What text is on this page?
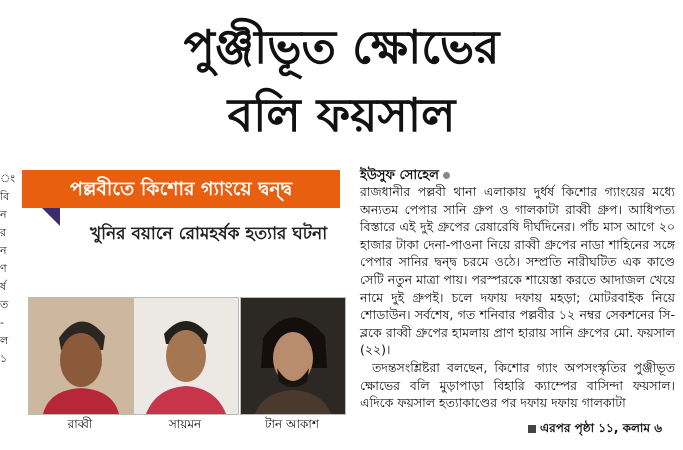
পুঞ্জীভূত ক্ষোভের
বলি ফয়সাল
ং বি ন র ন ণ র্ষ ত - ল ১
পল্লবীতে কিশোর গ্যাংয়ে দ্বন্দ্ব
খুনির বয়ানে রোমহর্ষক হত্যার ঘটনা
রাব্বী	সায়মন	টান আকাশ
ইউসুফ সোহেল

রাজধানীর পল্লবী থানা এলাকায় দুর্ধর্ষ কিশোর গ্যাংয়ের মধ্যে অন্যতম পেপার সানি গ্রুপ ও গালকাটা রাব্বী গ্রুপ। আধিপত্য বিস্তারে এই দুই গ্রুপের রেষারেষি দীর্ঘদিনের। পাঁচ মাস আগে ২০ হাজার টাকা দেনা-পাওনা নিয়ে রাব্বী গ্রুপের নাডা শাহিনের সঙ্গে পেপার সানির দ্বন্দ্ব চরমে ওঠে। সম্প্রতি নারীঘটিত এক কাণ্ডে সেটি নতুন মাত্রা পায়। পরস্পরকে শায়েস্তা করতে আদাজল খেয়ে নামে দুই গ্রুপই। চলে দফায় দফায় মহড়া; মোটরবাইক নিয়ে শোডাউন। সর্বশেষ, গত শনিবার পল্লবীর ১২ নম্বর সেকশনের সি-ব্লকে রাব্বী গ্রুপের হামলায় প্রাণ হারায় সানি গ্রুপের মো. ফয়সাল (২২)।

তদন্তসংশ্লিষ্টরা বলছেন, কিশোর গ্যাং অপসংস্কৃতির পুঞ্জীভূত ক্ষোভের বলি মুড়াপাড়া বিহারি ক্যাম্পের বাসিন্দা ফয়সাল। এদিকে ফয়সাল হত্যাকাণ্ডের পর দফায় দফায় গালকাটা

এরপর পৃষ্ঠা ১১, কলাম ৬
